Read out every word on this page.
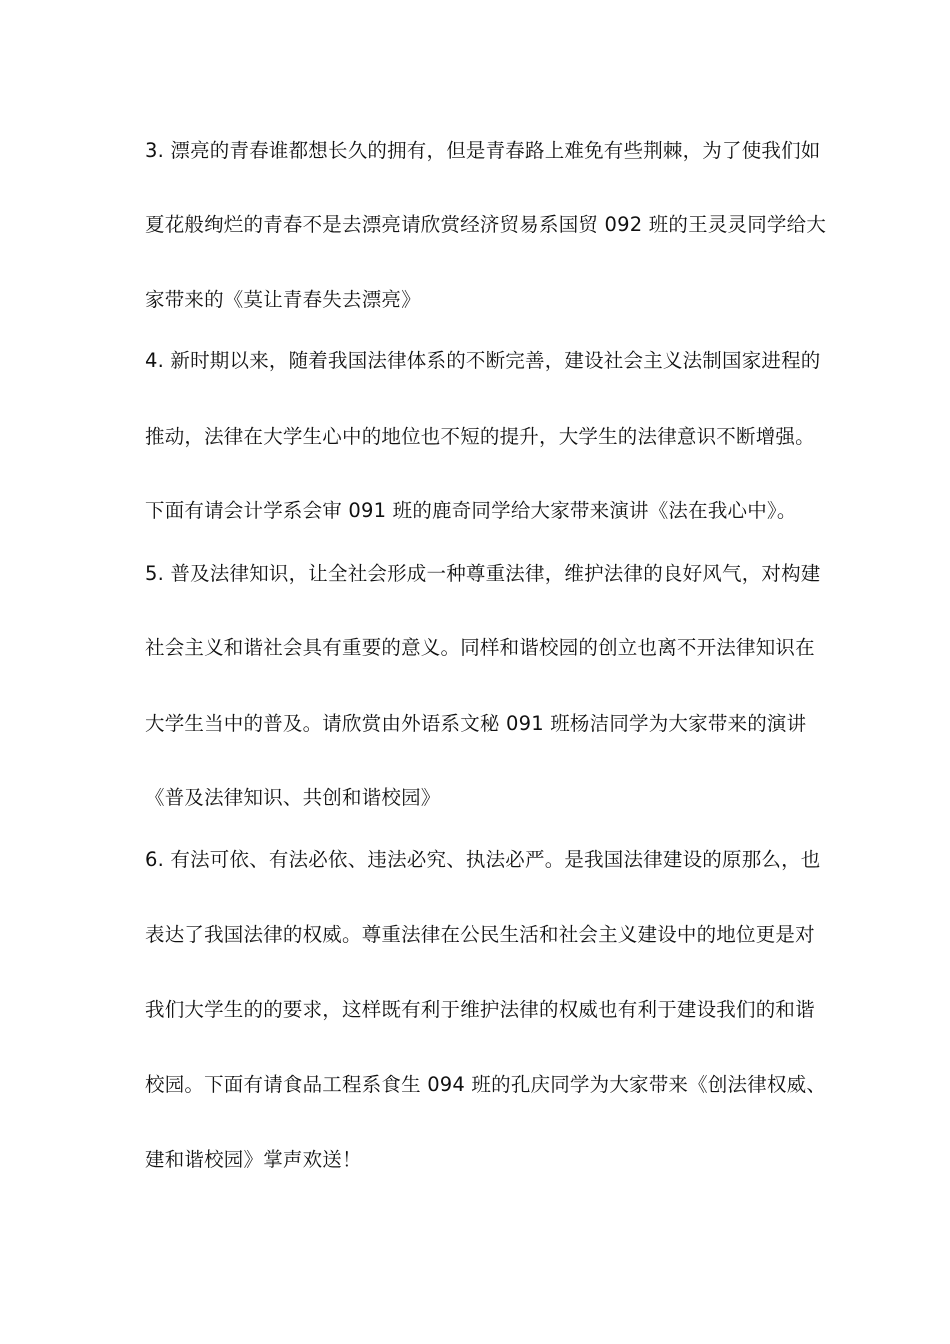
3. 漂亮的青春谁都想长久的拥有，但是青春路上难免有些荆棘，为了使我们如
夏花般绚烂的青春不是去漂亮请欣赏经济贸易系国贸 092 班的王灵灵同学给大
家带来的《莫让青春失去漂亮》
4. 新时期以来，随着我国法律体系的不断完善，建设社会主义法制国家进程的
推动，法律在大学生心中的地位也不短的提升，大学生的法律意识不断增强。
下面有请会计学系会审 091 班的鹿奇同学给大家带来演讲《法在我心中》。
5. 普及法律知识，让全社会形成一种尊重法律，维护法律的良好风气，对构建
社会主义和谐社会具有重要的意义。同样和谐校园的创立也离不开法律知识在
大学生当中的普及。请欣赏由外语系文秘 091 班杨洁同学为大家带来的演讲
《普及法律知识、共创和谐校园》
6. 有法可依、有法必依、违法必究、执法必严。是我国法律建设的原那么，也
表达了我国法律的权威。尊重法律在公民生活和社会主义建设中的地位更是对
我们大学生的的要求，这样既有利于维护法律的权威也有利于建设我们的和谐
校园。下面有请食品工程系食生 094 班的孔庆同学为大家带来《创法律权威、
建和谐校园》掌声欢送！
